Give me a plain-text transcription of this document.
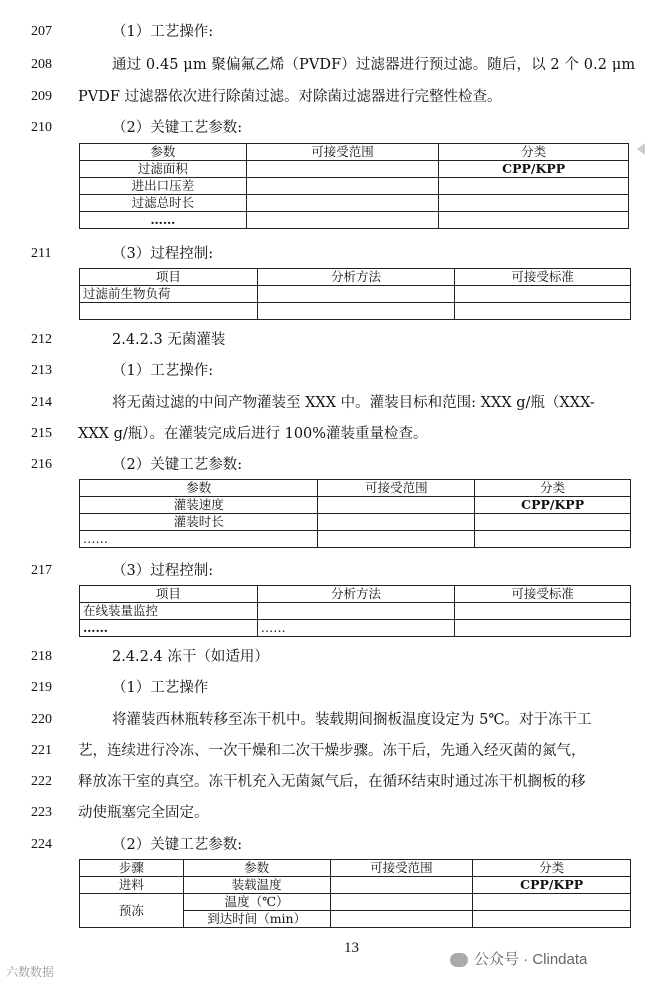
207	（1）工艺操作:
208	通过 0.45 μm 聚偏氟乙烯（PVDF）过滤器进行预过滤。随后，以 2 个 0.2 μm
209 PVDF 过滤器依次进行除菌过滤。对除菌过滤器进行完整性检查。
210	（2）关键工艺参数:
参数	可接受范围	分类
过滤面积		CPP/KPP
进出口压差		
过滤总时长		
……		
211	（3）过程控制:
项目	分析方法	可接受标准
过滤前生物负荷		

212	2.4.2.3 无菌灌装
213	（1）工艺操作:
214	将无菌过滤的中间产物灌装至 XXX 中。灌装目标和范围: XXX g/瓶（XXX-
215 XXX g/瓶）。在灌装完成后进行 100%灌装重量检查。
216	（2）关键工艺参数:
参数	可接受范围	分类
灌装速度		CPP/KPP
灌装时长		
……		
217	（3）过程控制:
项目	分析方法	可接受标准
在线装量监控		
……	……	
218	2.4.2.4 冻干（如适用）
219	（1）工艺操作
220	将灌装西林瓶转移至冻干机中。装载期间搁板温度设定为 5℃。对于冻干工
221 艺，连续进行冷冻、一次干燥和二次干燥步骤。冻干后，先通入经灭菌的氮气，
222 释放冻干室的真空。冻干机充入无菌氮气后，在循环结束时通过冻干机搁板的移
223 动使瓶塞完全固定。
224	（2）关键工艺参数:
步骤	参数	可接受范围	分类
进料	装载温度		CPP/KPP
预冻	温度（℃）		
	到达时间（min）		
13
公众号 · Clindata
六数数据
